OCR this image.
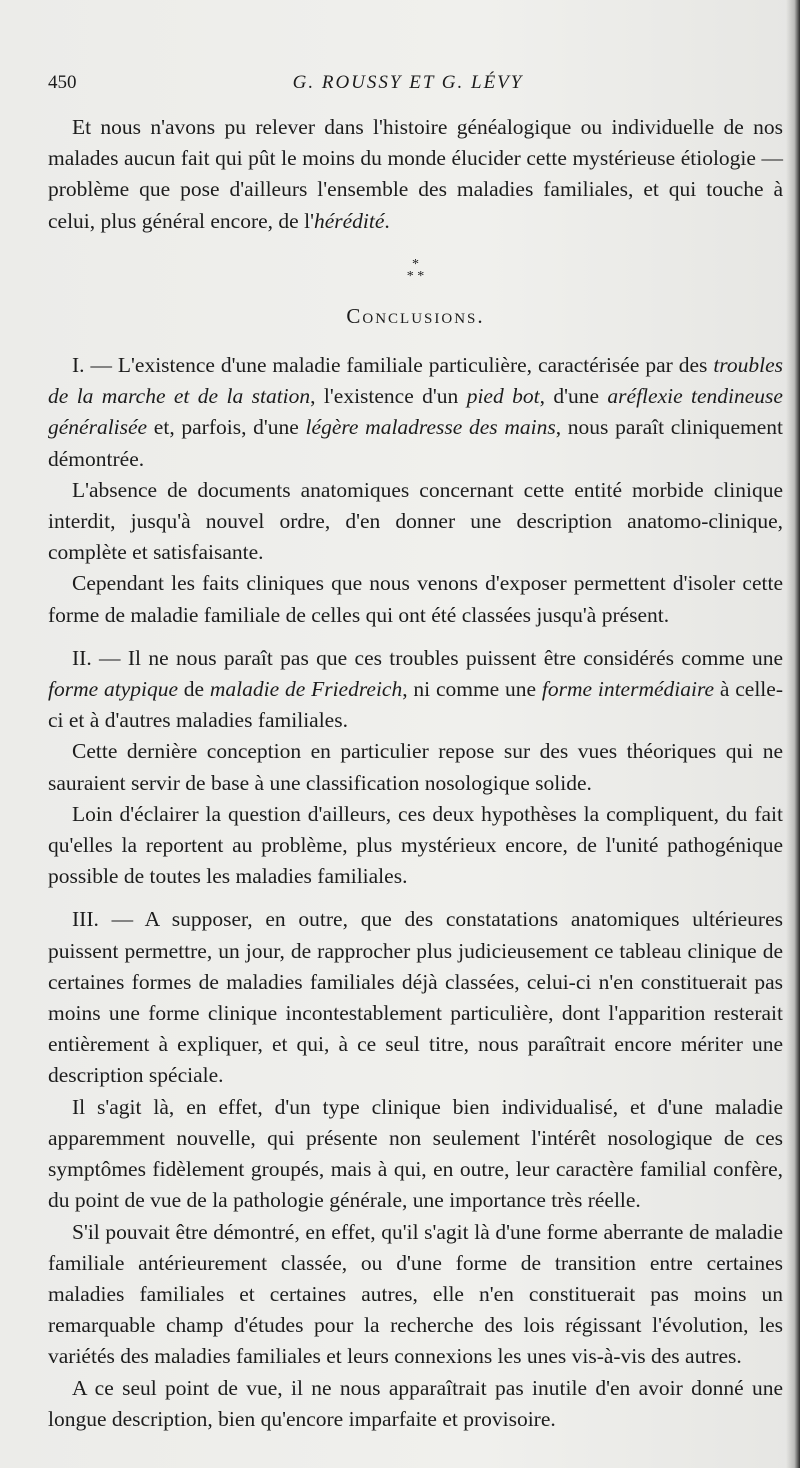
450	G. ROUSSY ET G. LÉVY

Et nous n'avons pu relever dans l'histoire généalogique ou individuelle de nos malades aucun fait qui pût le moins du monde élucider cette mystérieuse étiologie — problème que pose d'ailleurs l'ensemble des maladies familiales, et qui touche à celui, plus général encore, de l'hérédité.

*
* *
Conclusions.

I. — L'existence d'une maladie familiale particulière, caractérisée par des troubles de la marche et de la station, l'existence d'un pied bot, d'une aréflexie tendineuse généralisée et, parfois, d'une légère maladresse des mains, nous paraît cliniquement démontrée.

L'absence de documents anatomiques concernant cette entité morbide clinique interdit, jusqu'à nouvel ordre, d'en donner une description anatomo-clinique, complète et satisfaisante.

Cependant les faits cliniques que nous venons d'exposer permettent d'isoler cette forme de maladie familiale de celles qui ont été classées jusqu'à présent.

II. — Il ne nous paraît pas que ces troubles puissent être considérés comme une forme atypique de maladie de Friedreich, ni comme une forme intermédiaire à celle-ci et à d'autres maladies familiales.

Cette dernière conception en particulier repose sur des vues théoriques qui ne sauraient servir de base à une classification nosologique solide.

Loin d'éclairer la question d'ailleurs, ces deux hypothèses la compliquent, du fait qu'elles la reportent au problème, plus mystérieux encore, de l'unité pathogénique possible de toutes les maladies familiales.

III. — A supposer, en outre, que des constatations anatomiques ultérieures puissent permettre, un jour, de rapprocher plus judicieusement ce tableau clinique de certaines formes de maladies familiales déjà classées, celui-ci n'en constituerait pas moins une forme clinique incontestablement particulière, dont l'apparition resterait entièrement à expliquer, et qui, à ce seul titre, nous paraîtrait encore mériter une description spéciale.

Il s'agit là, en effet, d'un type clinique bien individualisé, et d'une maladie apparemment nouvelle, qui présente non seulement l'intérêt nosologique de ces symptômes fidèlement groupés, mais à qui, en outre, leur caractère familial confère, du point de vue de la pathologie générale, une importance très réelle.

S'il pouvait être démontré, en effet, qu'il s'agit là d'une forme aberrante de maladie familiale antérieurement classée, ou d'une forme de transition entre certaines maladies familiales et certaines autres, elle n'en constituerait pas moins un remarquable champ d'études pour la recherche des lois régissant l'évolution, les variétés des maladies familiales et leurs connexions les unes vis-à-vis des autres.

A ce seul point de vue, il ne nous apparaîtrait pas inutile d'en avoir donné une longue description, bien qu'encore imparfaite et provisoire.
